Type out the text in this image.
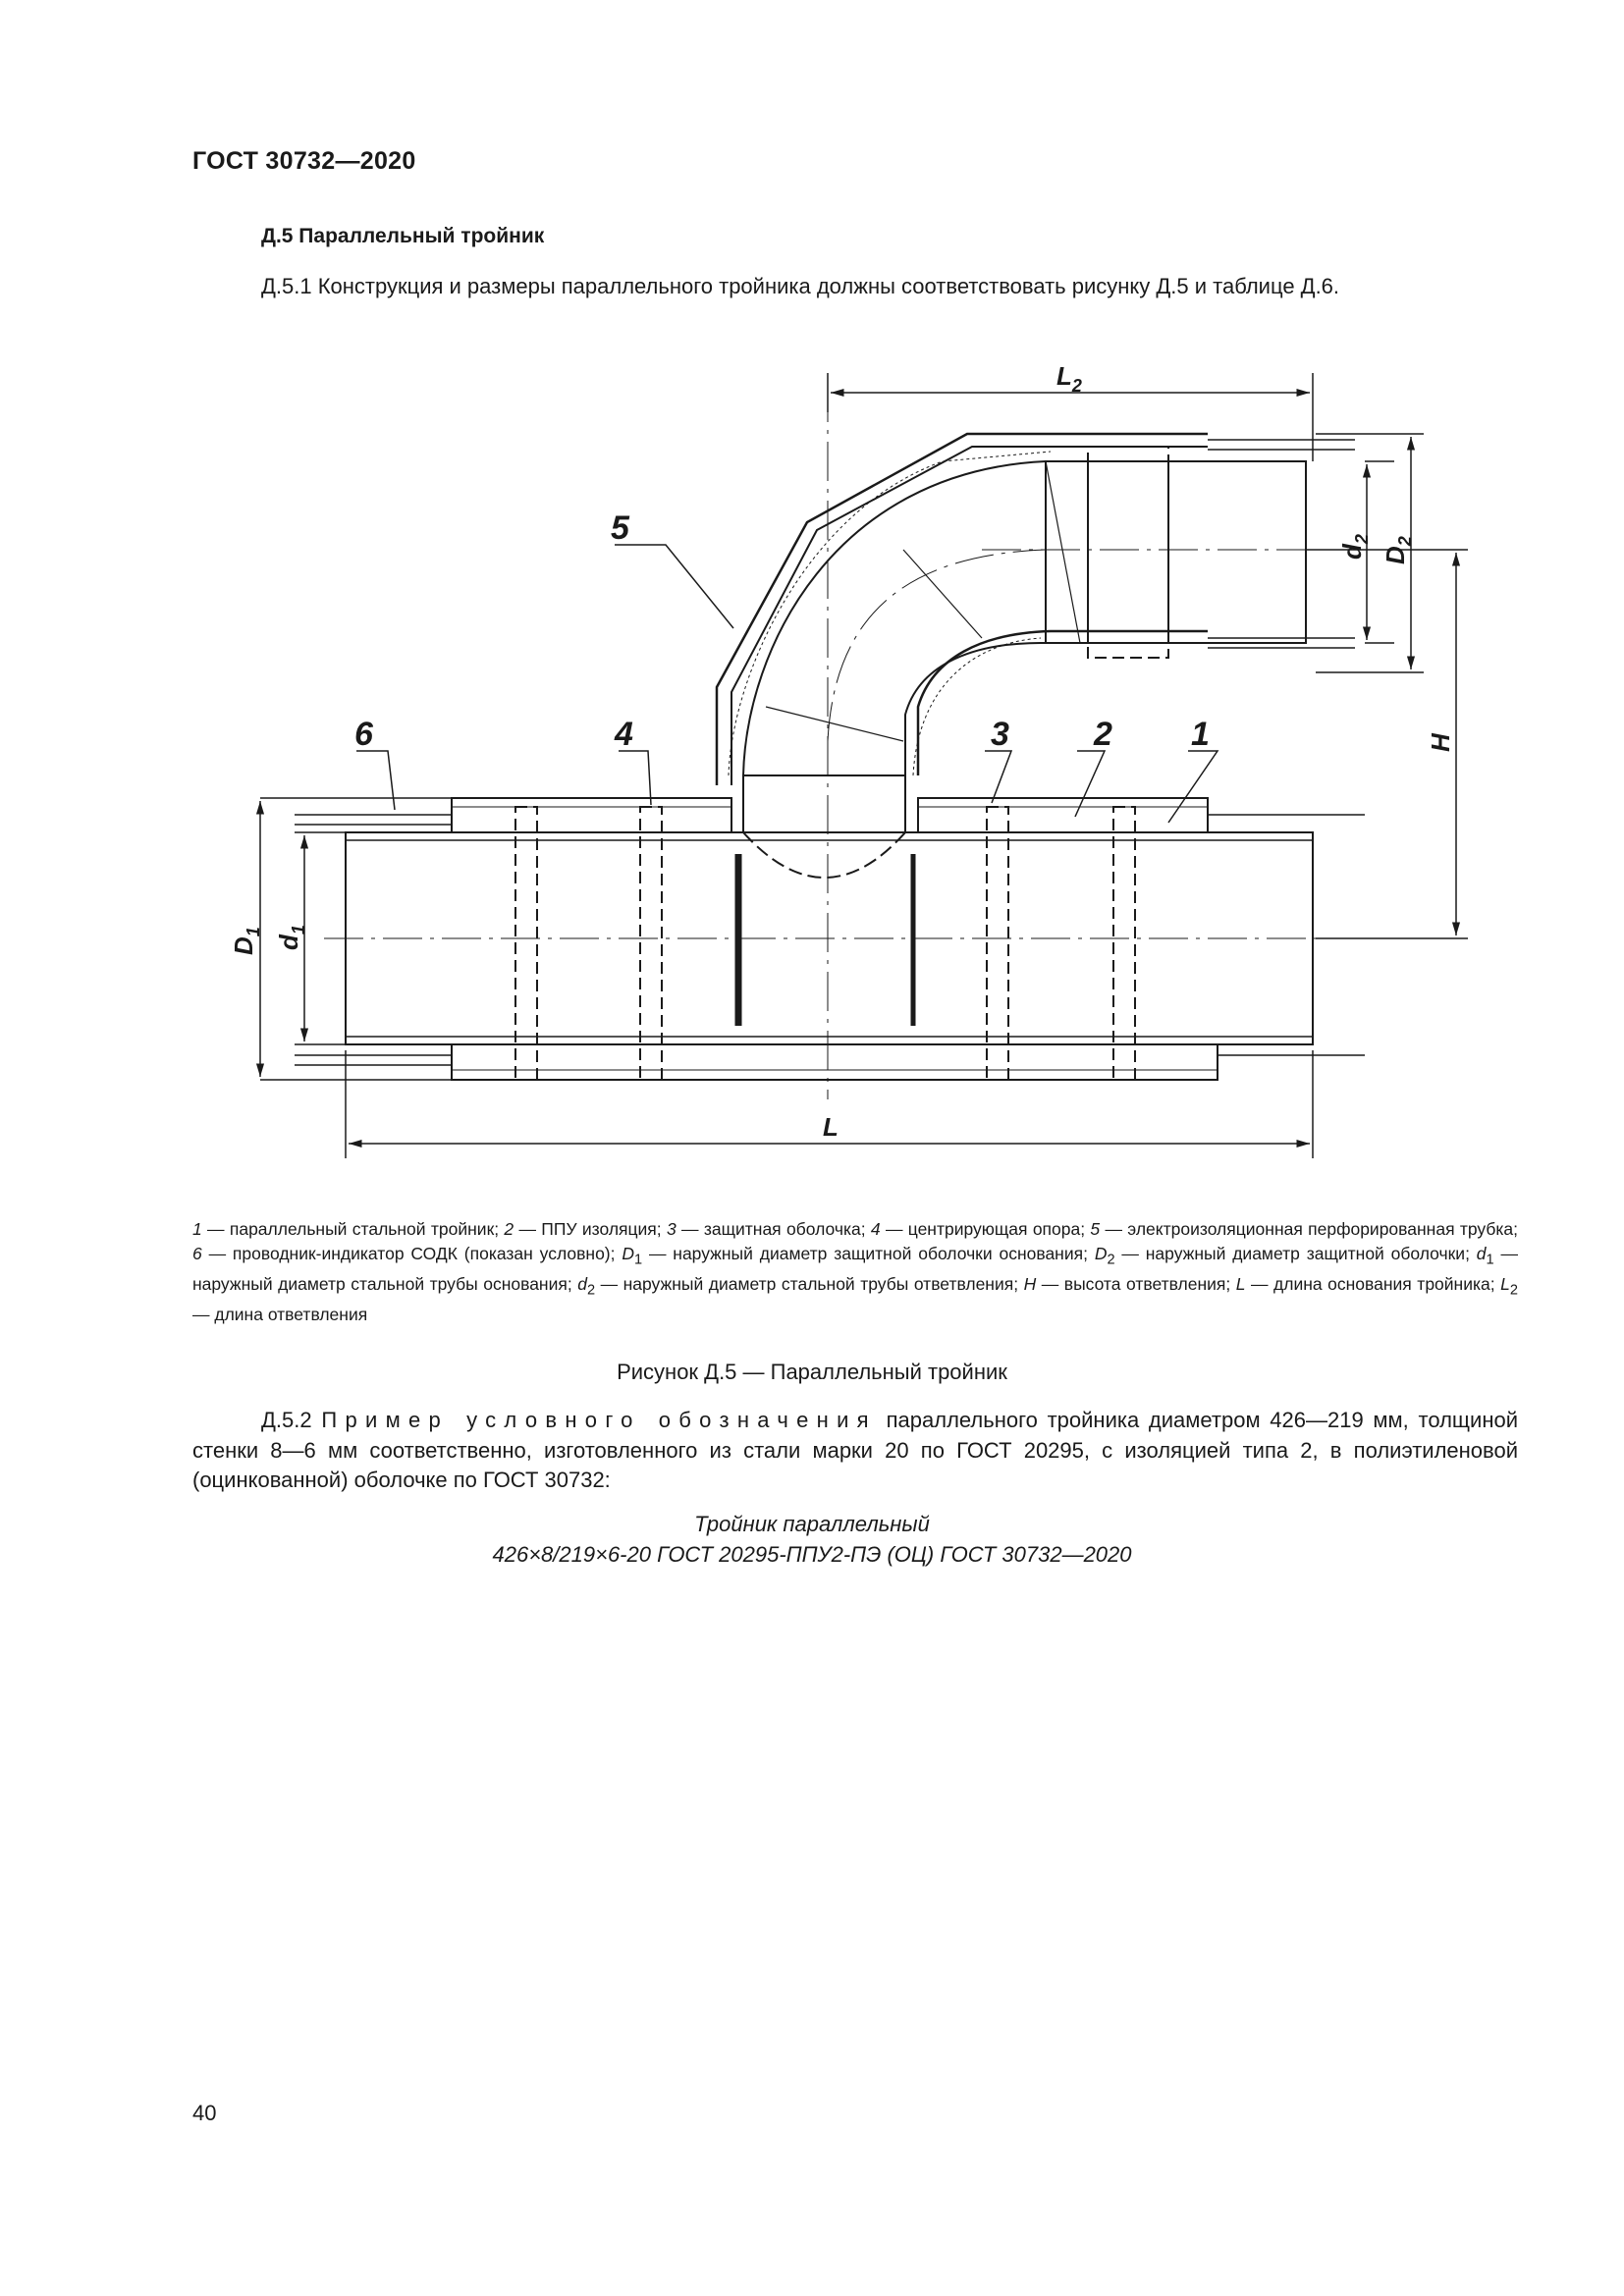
ГОСТ 30732—2020
Д.5 Параллельный тройник
Д.5.1 Конструкция и размеры параллельного тройника должны соответствовать рисунку Д.5 и таблице Д.6.
5
6	4	3	2 1
$L_2$
L
H
$D_1$
$d_1$
$d_2$
$D_2$
1 — параллельный стальной тройник; 2 — ППУ изоляция; 3 — защитная оболочка; 4 — центрирующая опора; 5 — электроизоляционная перфорированная трубка; 6 — проводник-индикатор СОДК (показан условно); $D_1$ — наружный диаметр защитной оболочки основания; $D_2$ — наружный диаметр защитной оболочки; $d_1$ — наружный диаметр стальной трубы основания; $d_2$ — наружный диаметр стальной трубы ответвления; H — высота ответвления; L — длина основания тройника; $L_2$ — длина ответвления
Рисунок Д.5 — Параллельный тройник
Д.5.2 Пример условного обозначения параллельного тройника диаметром 426—219 мм, толщиной стенки 8—6 мм соответственно, изготовленного из стали марки 20 по ГОСТ 20295, с изоляцией типа 2, в полиэтиленовой (оцинкованной) оболочке по ГОСТ 30732:
Тройник параллельный
426×8/219×6-20 ГОСТ 20295-ППУ2-ПЭ (ОЦ) ГОСТ 30732—2020
40
